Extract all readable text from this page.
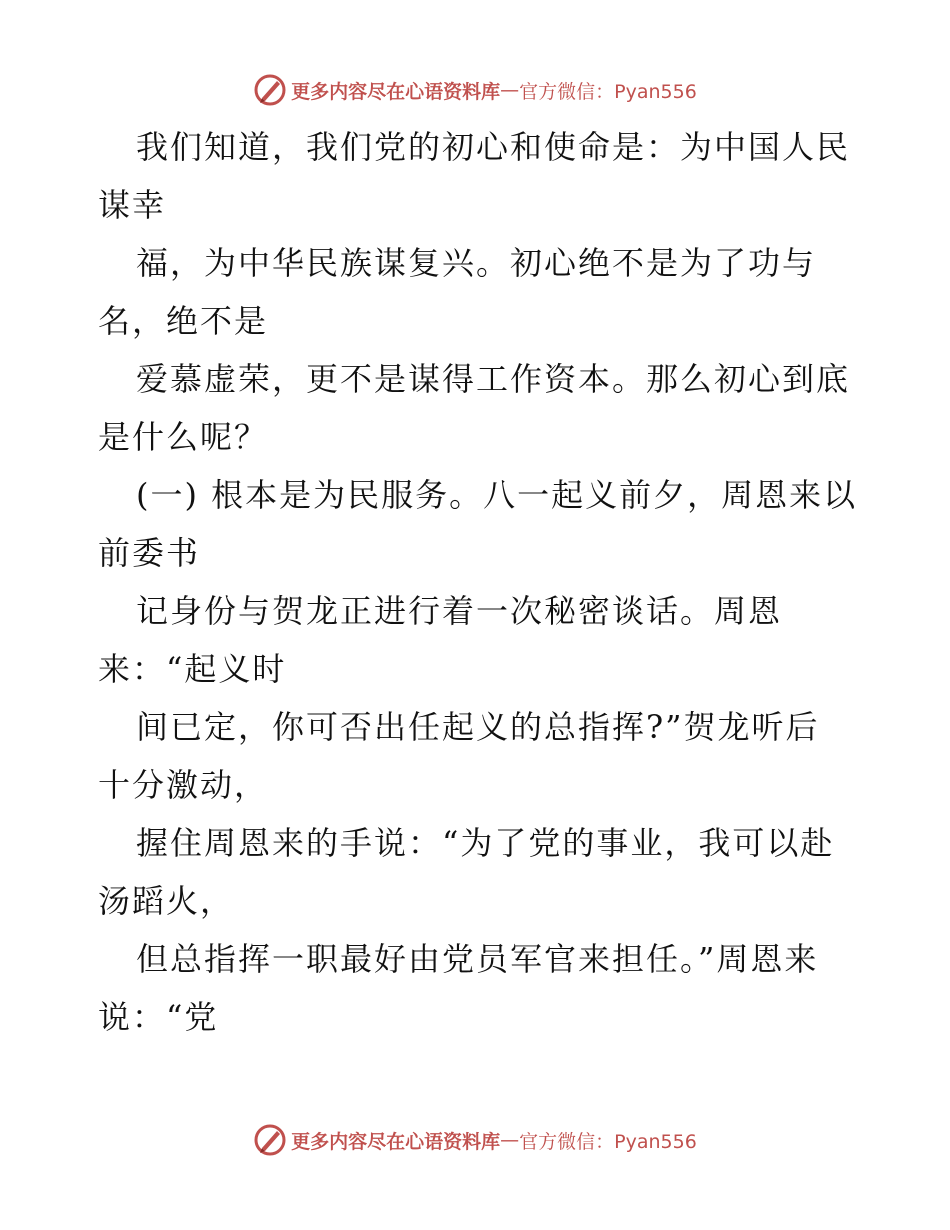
更多内容尽在心语资料库 — 官方微信：Pyan556
我们知道，我们党的初心和使命是：为中国人民
谋幸
福，为中华民族谋复兴。初心绝不是为了功与
名，绝不是
爱慕虚荣，更不是谋得工作资本。那么初心到底
是什么呢？
(一) 根本是为民服务。八一起义前夕，周恩来以
前委书
记身份与贺龙正进行着一次秘密谈话。周恩
来：“起义时
间已定，你可否出任起义的总指挥?”贺龙听后
十分激动，
握住周恩来的手说：“为了党的事业，我可以赴
汤蹈火，
但总指挥一职最好由党员军官来担任。”周恩来
说：“党
更多内容尽在心语资料库 — 官方微信：Pyan556
